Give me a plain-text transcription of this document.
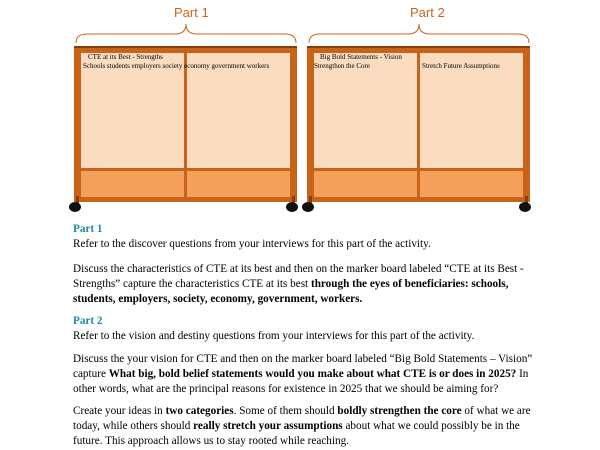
Part 1	Part 2
CTE at its Best - Strengths
Schools students employers society economy government workers
Big Bold Statements - Vision
Strengthen the Core	Stretch Future Assumptions

Part 1

Refer to the discover questions from your interviews for this part of the activity.

Discuss the characteristics of CTE at its best and then on the marker board labeled “CTE at its Best - Strengths” capture the characteristics CTE at its best through the eyes of beneficiaries: schools, students, employers, society, economy, government, workers.

Part 2

Refer to the vision and destiny questions from your interviews for this part of the activity.

Discuss the your vision for CTE and then on the marker board labeled “Big Bold Statements – Vision” capture What big, bold belief statements would you make about what CTE is or does in 2025? In other words, what are the principal reasons for existence in 2025 that we should be aiming for?

Create your ideas in two categories. Some of them should boldly strengthen the core of what we are today, while others should really stretch your assumptions about what we could possibly be in the future. This approach allows us to stay rooted while reaching.
